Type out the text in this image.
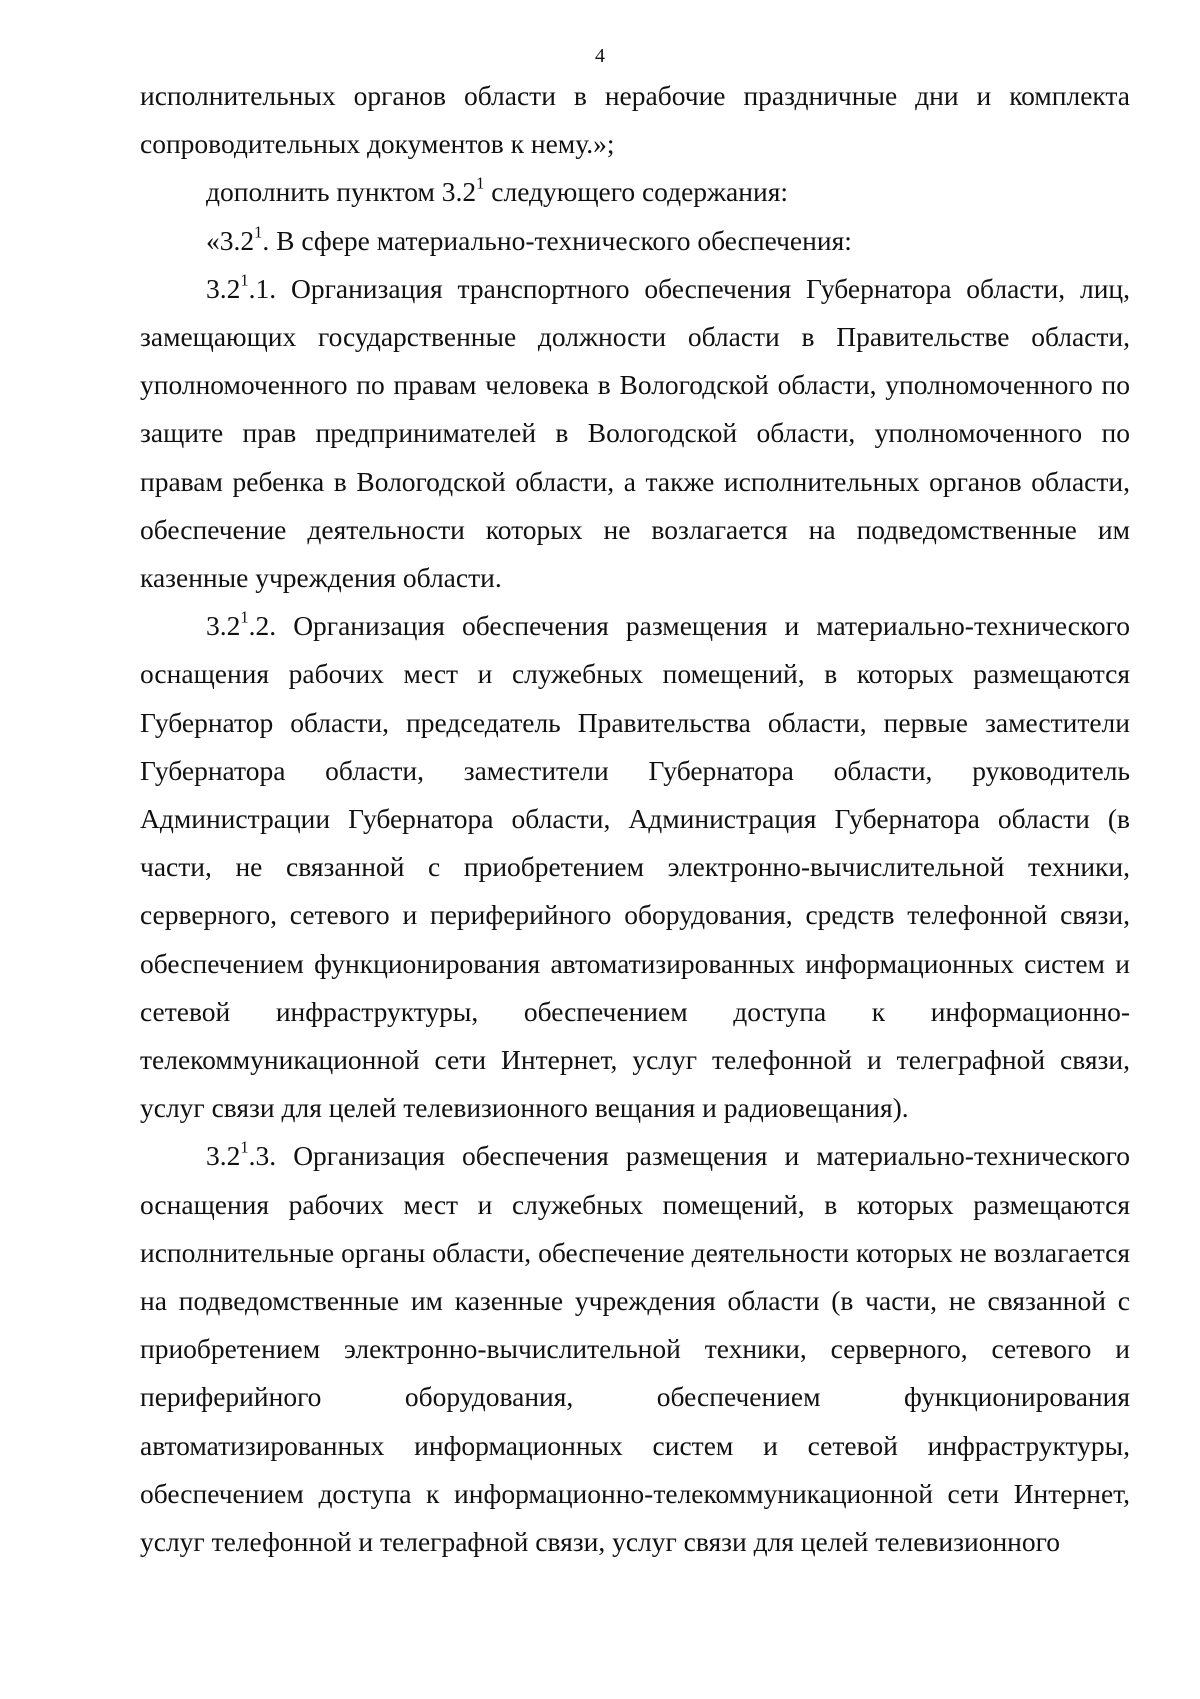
4

исполнительных органов области в нерабочие праздничные дни и комплекта сопроводительных документов к нему.»;

дополнить пунктом $3.2^1$ следующего содержания:

«$3.2^1$. В сфере материально-технического обеспечения:

$3.2^1.1$. Организация транспортного обеспечения Губернатора области, лиц, замещающих государственные должности области в Правительстве области, уполномоченного по правам человека в Вологодской области, уполномоченного по защите прав предпринимателей в Вологодской области, уполномоченного по правам ребенка в Вологодской области, а также исполнительных органов области, обеспечение деятельности которых не возлагается на подведомственные им казенные учреждения области.

$3.2^1.2$. Организация обеспечения размещения и материально-технического оснащения рабочих мест и служебных помещений, в которых размещаются Губернатор области, председатель Правительства области, первые заместители Губернатора области, заместители Губернатора области, руководитель Администрации Губернатора области, Администрация Губернатора области (в части, не связанной с приобретением электронно-вычислительной техники, серверного, сетевого и периферийного оборудования, средств телефонной связи, обеспечением функционирования автоматизированных информационных систем и сетевой инфраструктуры, обеспечением доступа к информационно-телекоммуникационной сети Интернет, услуг телефонной и телеграфной связи, услуг связи для целей телевизионного вещания и радиовещания).

$3.2^1.3$. Организация обеспечения размещения и материально-технического оснащения рабочих мест и служебных помещений, в которых размещаются исполнительные органы области, обеспечение деятельности которых не возлагается на подведомственные им казенные учреждения области (в части, не связанной с приобретением электронно-вычислительной техники, серверного, сетевого и периферийного оборудования, обеспечением функционирования автоматизированных информационных систем и сетевой инфраструктуры, обеспечением доступа к информационно-телекоммуникационной сети Интернет, услуг телефонной и телеграфной связи, услуг связи для целей телевизионного
